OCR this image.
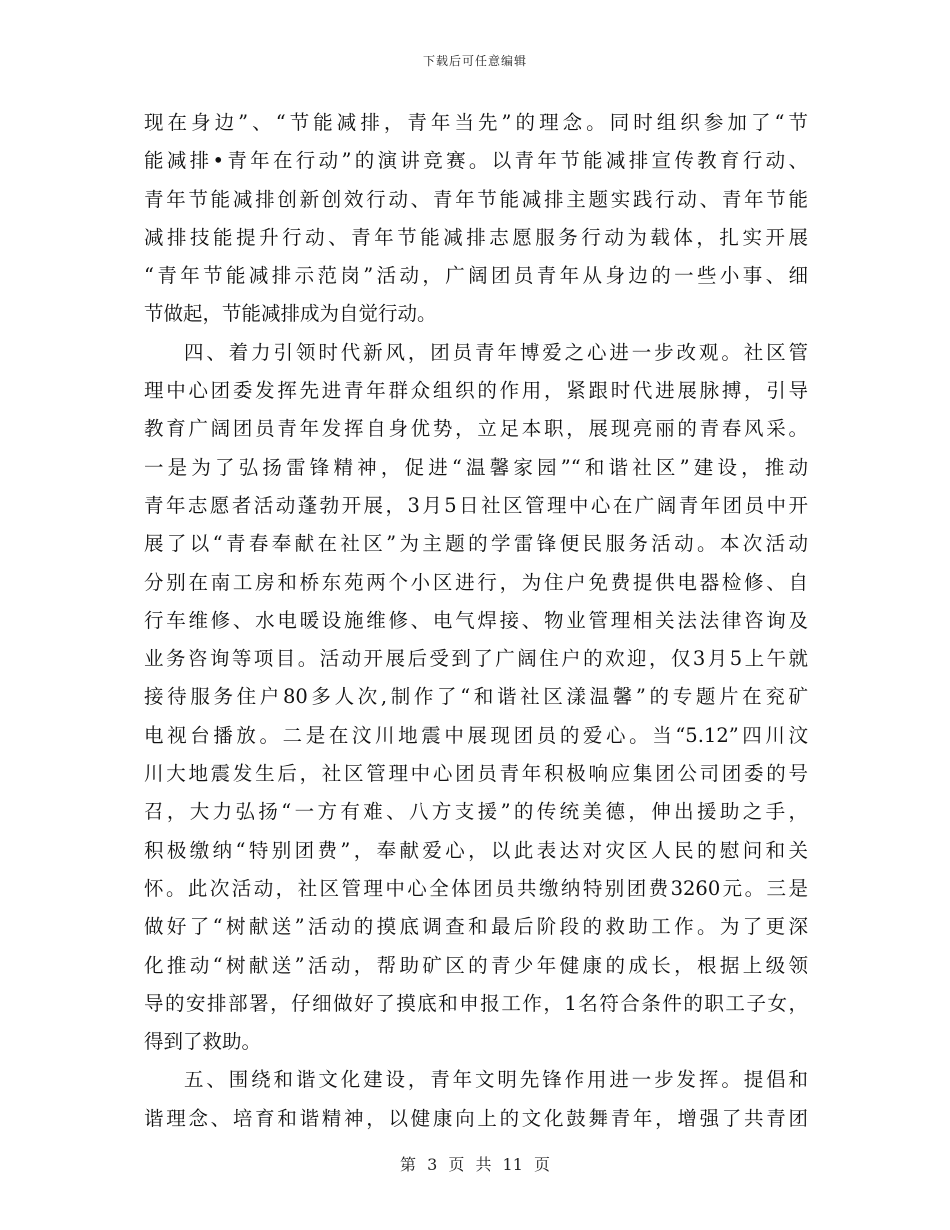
下载后可任意编辑
现在身边”、“节能减排，青年当先”的理念。同时组织参加了“节
能减排•青年在行动”的演讲竞赛。以青年节能减排宣传教育行动、
青年节能减排创新创效行动、青年节能减排主题实践行动、青年节能
减排技能提升行动、青年节能减排志愿服务行动为载体，扎实开展
“青年节能减排示范岗”活动，广阔团员青年从身边的一些小事、细
节做起，节能减排成为自觉行动。
四、着力引领时代新风，团员青年博爱之心进一步改观。社区管
理中心团委发挥先进青年群众组织的作用，紧跟时代进展脉搏，引导
教育广阔团员青年发挥自身优势，立足本职，展现亮丽的青春风采。
一是为了弘扬雷锋精神，促进“温馨家园”“和谐社区”建设，推动
青年志愿者活动蓬勃开展，3月5日社区管理中心在广阔青年团员中开
展了以“青春奉献在社区”为主题的学雷锋便民服务活动。本次活动
分别在南工房和桥东苑两个小区进行，为住户免费提供电器检修、自
行车维修、水电暖设施维修、电气焊接、物业管理相关法法律咨询及
业务咨询等项目。活动开展后受到了广阔住户的欢迎，仅3月5上午就
接待服务住户80多人次,制作了“和谐社区漾温馨”的专题片在兖矿
电视台播放。二是在汶川地震中展现团员的爱心。当“5.12”四川汶
川大地震发生后，社区管理中心团员青年积极响应集团公司团委的号
召，大力弘扬“一方有难、八方支援”的传统美德，伸出援助之手，
积极缴纳“特别团费”，奉献爱心，以此表达对灾区人民的慰问和关
怀。此次活动，社区管理中心全体团员共缴纳特别团费3260元。三是
做好了“树献送”活动的摸底调查和最后阶段的救助工作。为了更深
化推动“树献送”活动，帮助矿区的青少年健康的成长，根据上级领
导的安排部署，仔细做好了摸底和申报工作，1名符合条件的职工子女，
得到了救助。
五、围绕和谐文化建设，青年文明先锋作用进一步发挥。提倡和
谐理念、培育和谐精神，以健康向上的文化鼓舞青年，增强了共青团
第 3 页 共 11 页
